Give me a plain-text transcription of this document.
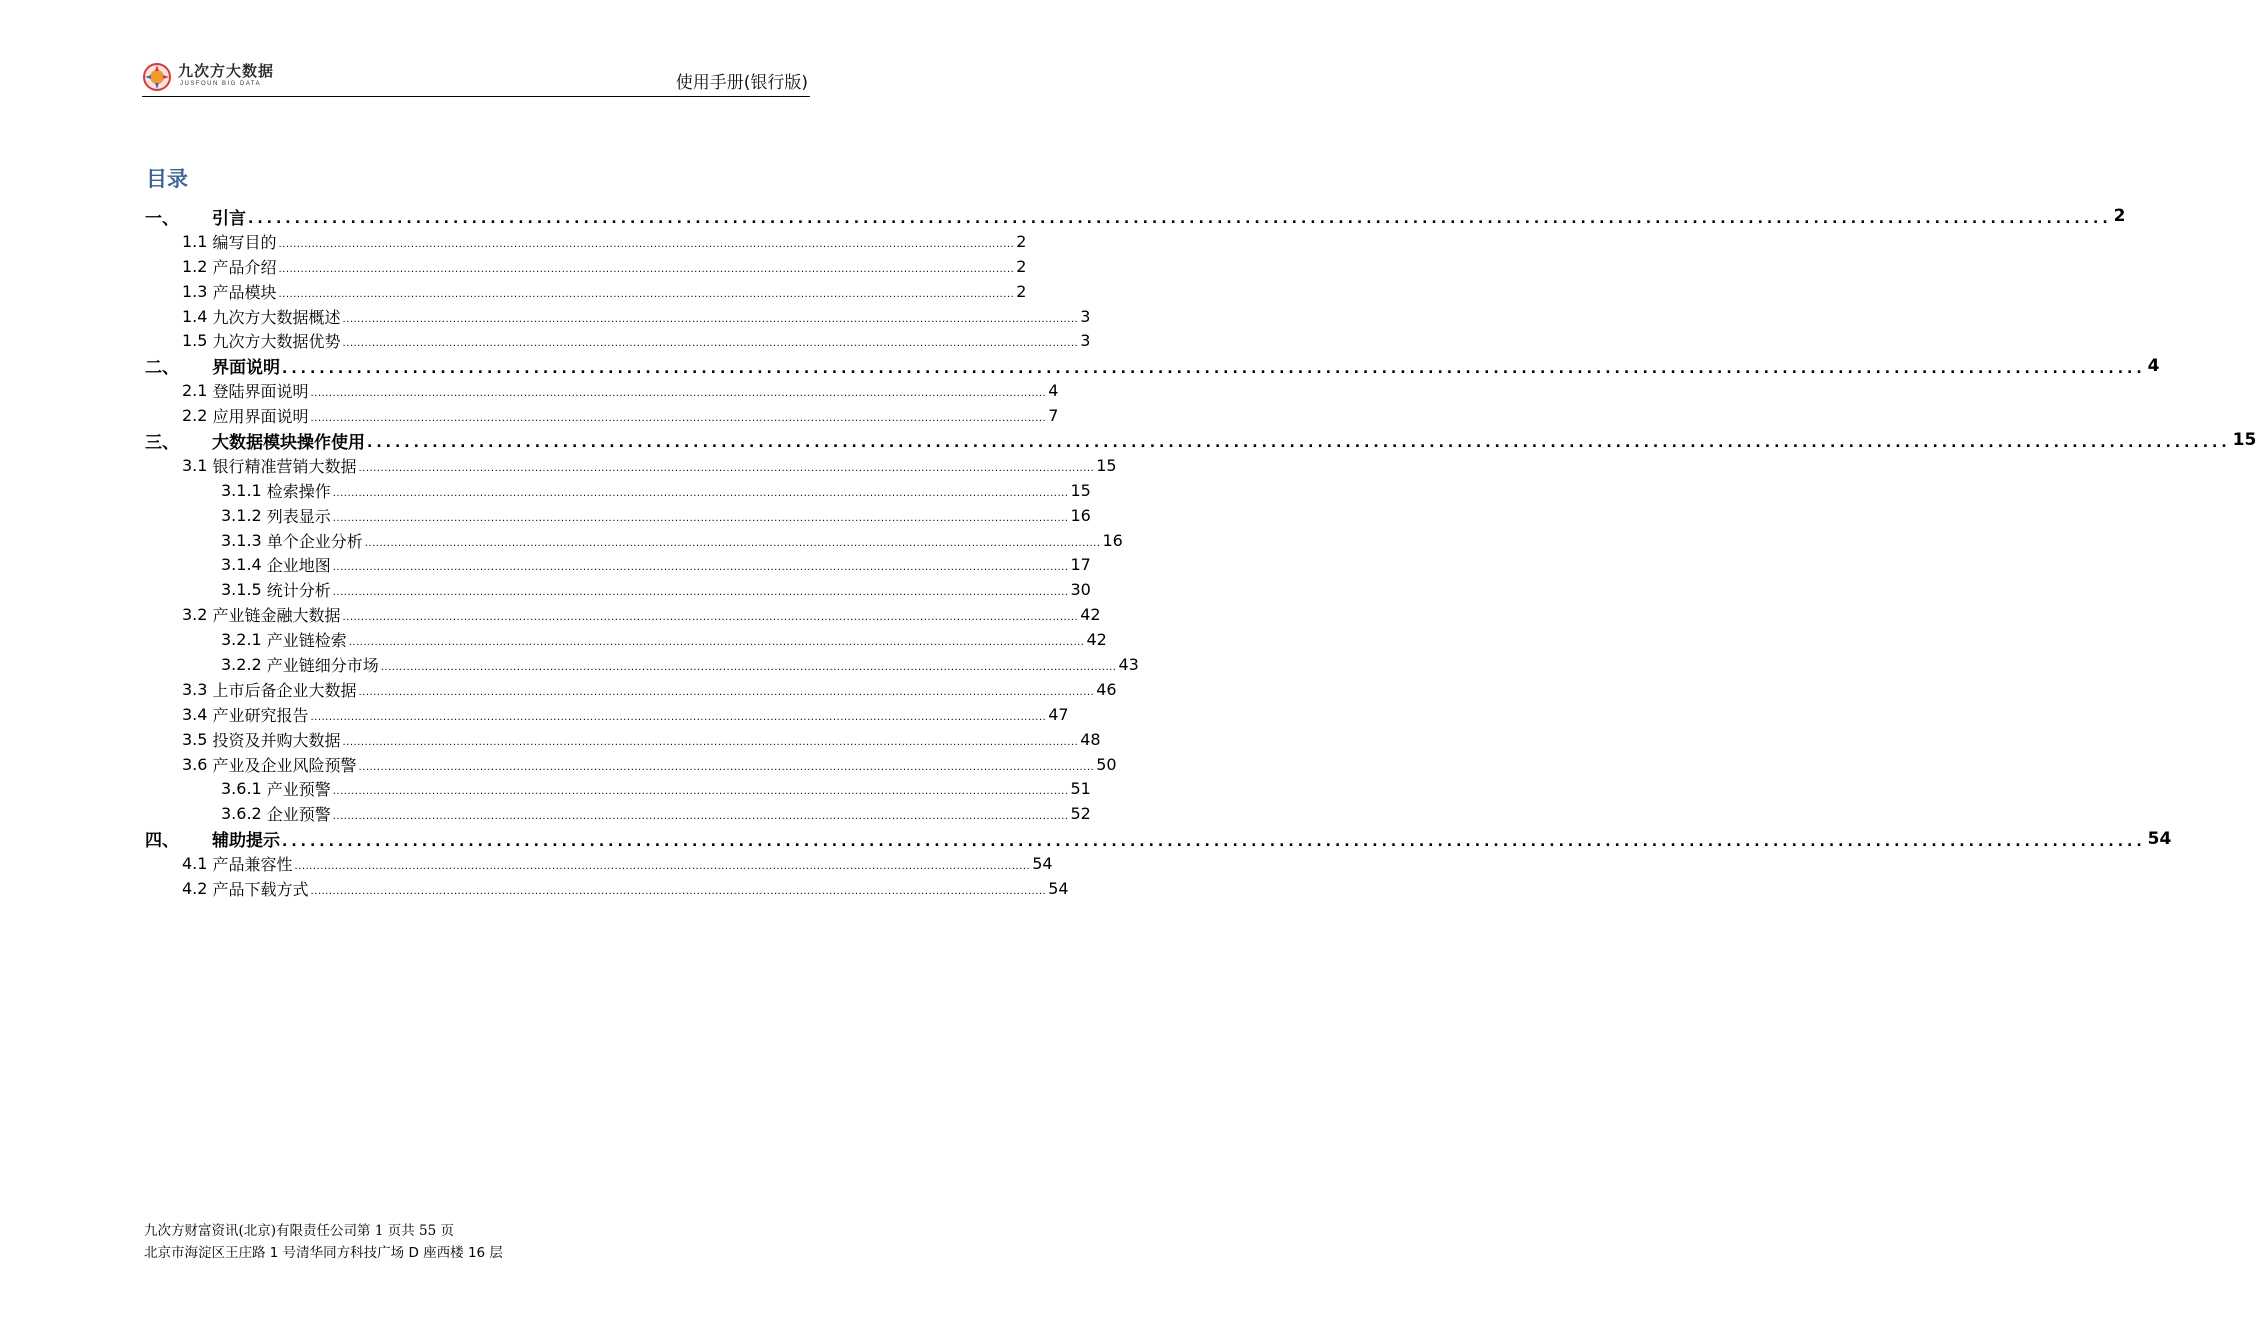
九次方大数据
JUSFOUN BIG DATA	使用手册(银行版)
目录
一、	引言 ........................................................................................................................................................................................................ 2
1.1 编写目的 ........................................................................................................................................................................................................ 2
1.2 产品介绍 ........................................................................................................................................................................................................ 2
1.3 产品模块 ........................................................................................................................................................................................................ 2
1.4 九次方大数据概述 ........................................................................................................................................................................................................ 3
1.5 九次方大数据优势 ........................................................................................................................................................................................................ 3
二、	界面说明 ........................................................................................................................................................................................................ 4
2.1 登陆界面说明 ........................................................................................................................................................................................................ 4
2.2 应用界面说明 ........................................................................................................................................................................................................ 7
三、	大数据模块操作使用 ........................................................................................................................................................................................................ 15
3.1 银行精准营销大数据 ........................................................................................................................................................................................................ 15
3.1.1 检索操作 ........................................................................................................................................................................................................ 15
3.1.2 列表显示 ........................................................................................................................................................................................................ 16
3.1.3 单个企业分析 ........................................................................................................................................................................................................ 16
3.1.4 企业地图 ........................................................................................................................................................................................................ 17
3.1.5 统计分析 ........................................................................................................................................................................................................ 30
3.2 产业链金融大数据 ........................................................................................................................................................................................................ 42
3.2.1 产业链检索 ........................................................................................................................................................................................................ 42
3.2.2 产业链细分市场 ........................................................................................................................................................................................................ 43
3.3 上市后备企业大数据 ........................................................................................................................................................................................................ 46
3.4 产业研究报告 ........................................................................................................................................................................................................ 47
3.5 投资及并购大数据 ........................................................................................................................................................................................................ 48
3.6 产业及企业风险预警 ........................................................................................................................................................................................................ 50
3.6.1 产业预警 ........................................................................................................................................................................................................ 51
3.6.2 企业预警 ........................................................................................................................................................................................................ 52
四、	辅助提示 ........................................................................................................................................................................................................ 54
4.1 产品兼容性 ........................................................................................................................................................................................................ 54
4.2 产品下载方式 ........................................................................................................................................................................................................ 54
九次方财富资讯(北京)有限责任公司第 1 页共 55 页
北京市海淀区王庄路 1 号清华同方科技广场 D 座西楼 16 层
